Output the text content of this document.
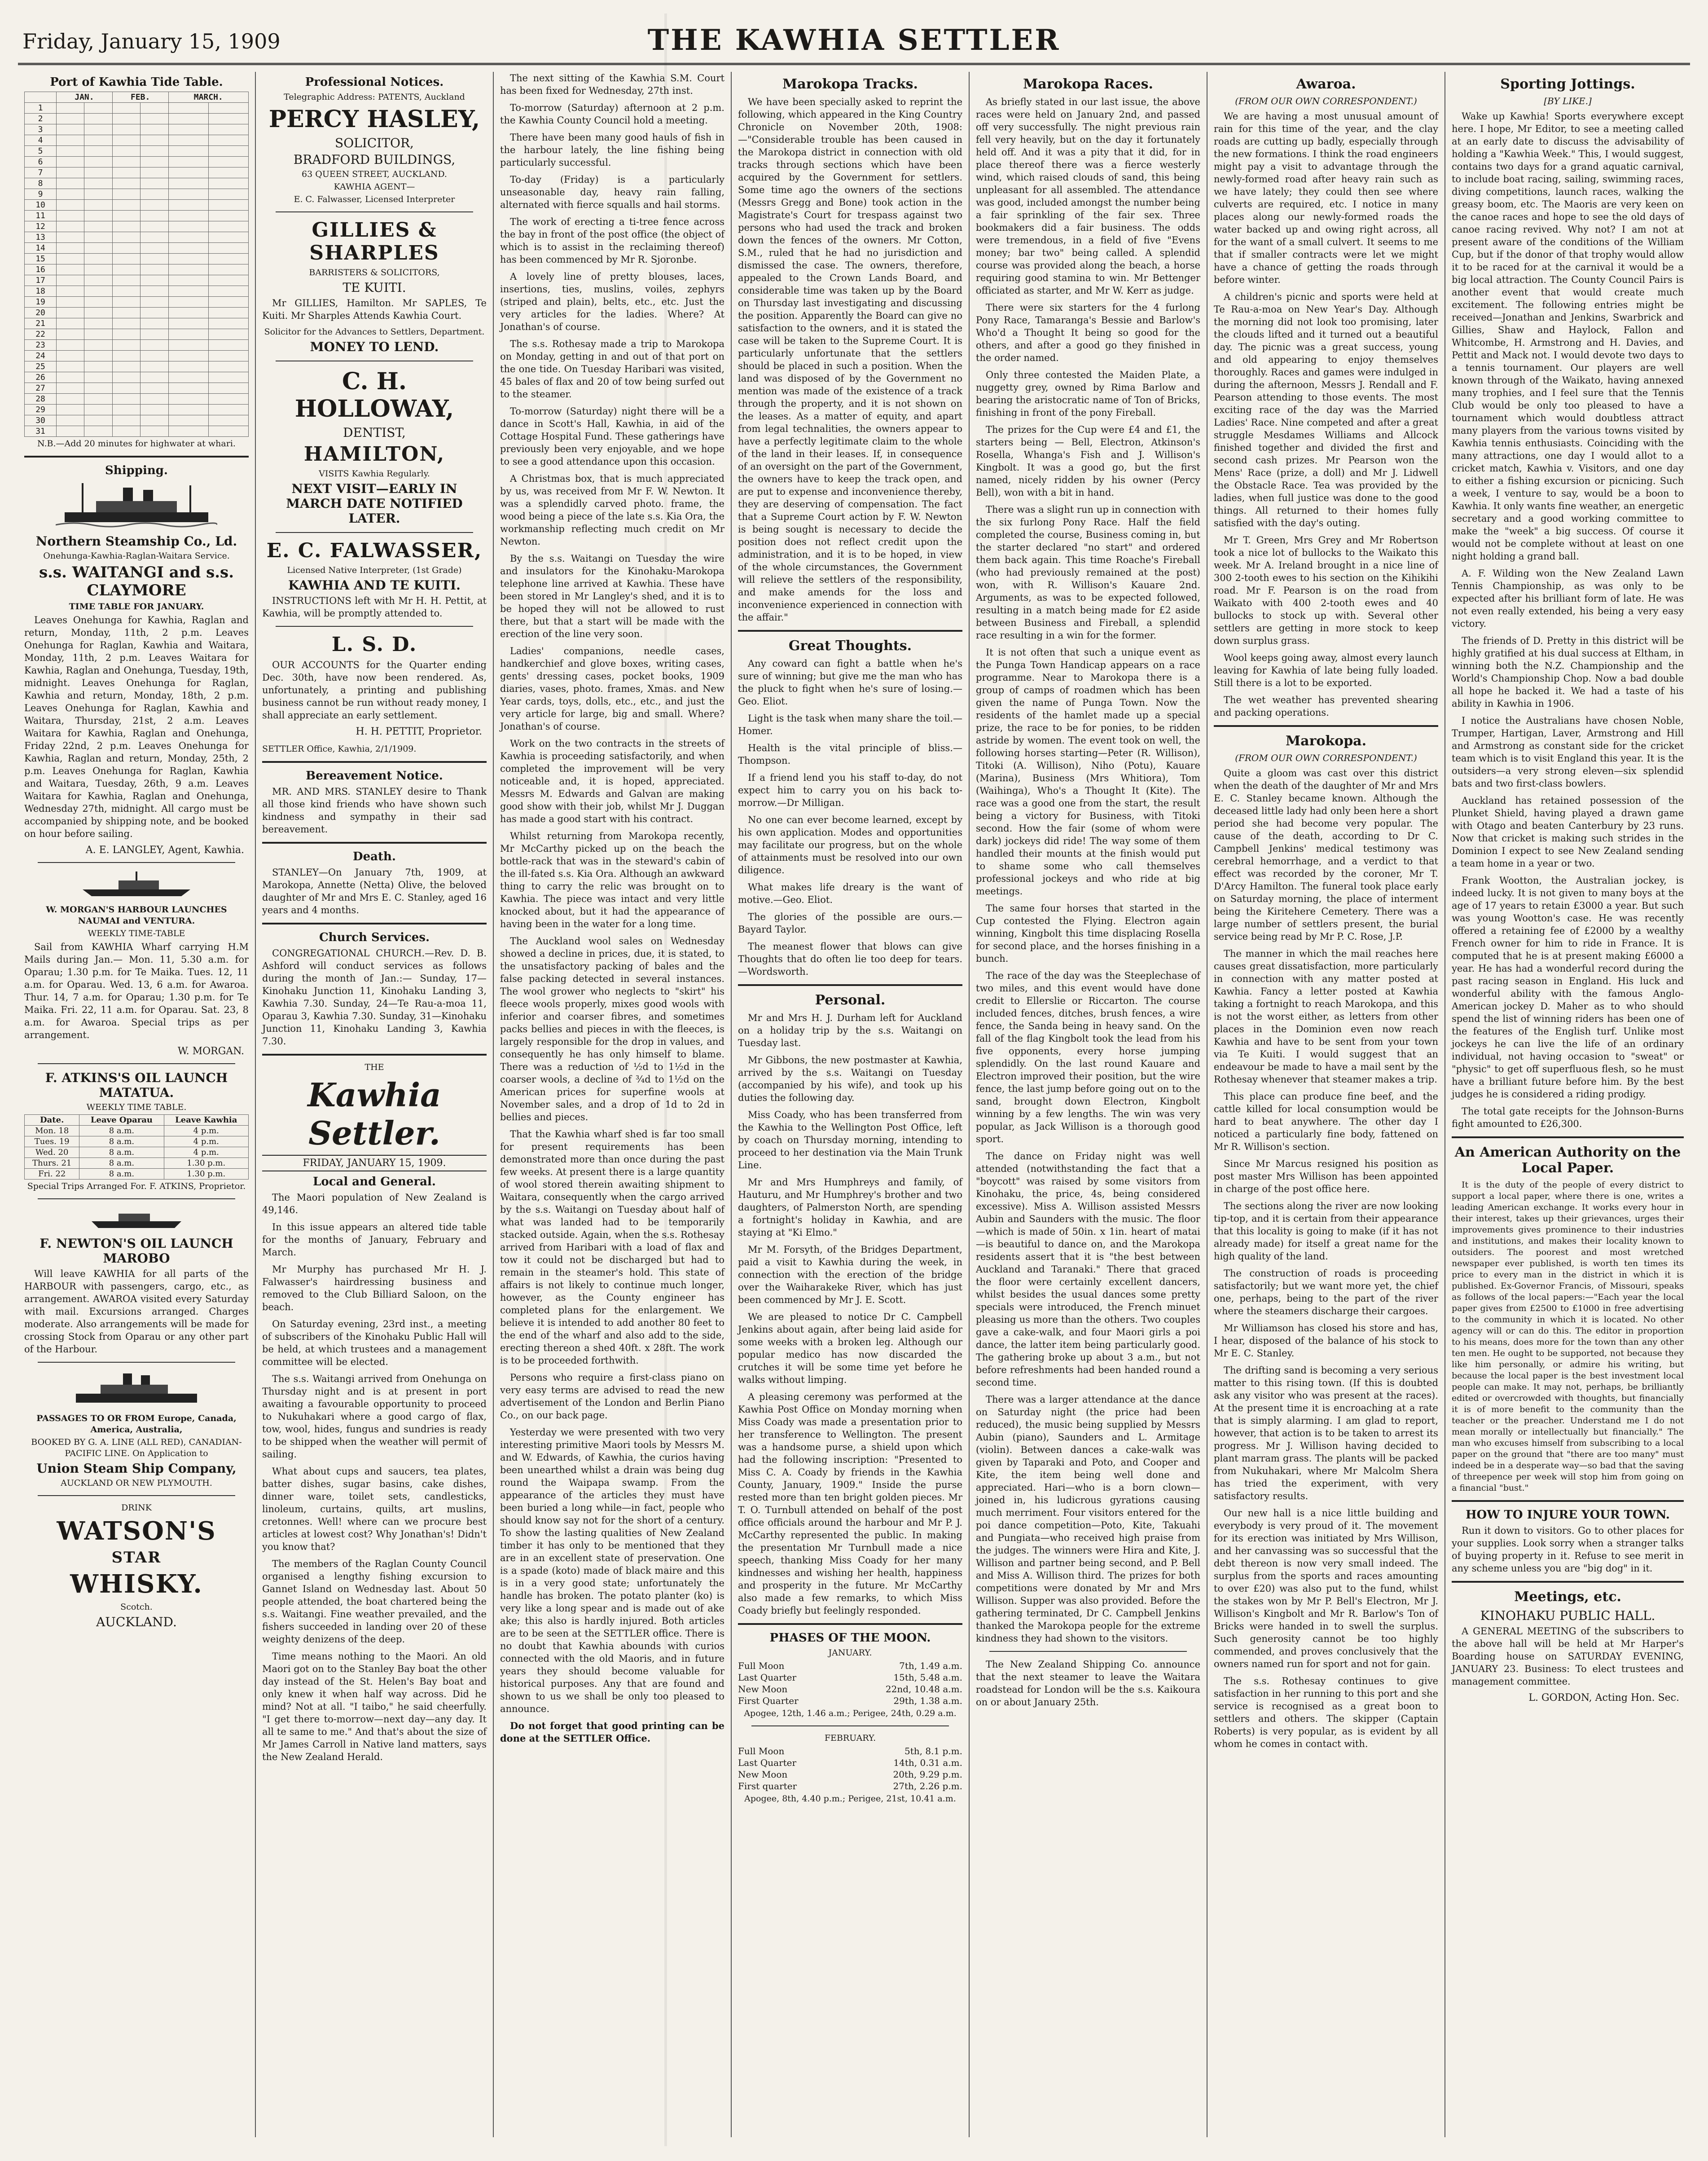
Friday, January 15, 1909	THE KAWHIA SETTLER
Port of Kawhia Tide Table.
	JAN.		FEB.		MARCH.	
1						
2						
3						
4						
5						
6						
7						
8						
9						
10						
11						
12						
13						
14						
15						
16						
17						
18						
19						
20						
21						
22						
23						
24						
25						
26						
27						
28						
29						
30						
31						
N.B.—Add 20 minutes for highwater at whari.
Shipping.
Northern Steamship Co., Ld.
Onehunga-Kawhia-Raglan-Waitara Service.
s.s. WAITANGI and s.s. CLAYMORE
TIME TABLE FOR JANUARY.

Leaves Onehunga for Kawhia, Raglan and return, Monday, 11th, 2 p.m. Leaves Onehunga for Raglan, Kawhia and Waitara, Monday, 11th, 2 p.m. Leaves Waitara for Kawhia, Raglan and Onehunga, Tuesday, 19th, midnight. Leaves Onehunga for Raglan, Kawhia and return, Monday, 18th, 2 p.m. Leaves Onehunga for Raglan, Kawhia and Waitara, Thursday, 21st, 2 a.m. Leaves Waitara for Kawhia, Raglan and Onehunga, Friday 22nd, 2 p.m. Leaves Onehunga for Kawhia, Raglan and return, Monday, 25th, 2 p.m. Leaves Onehunga for Raglan, Kawhia and Waitara, Tuesday, 26th, 9 a.m. Leaves Waitara for Kawhia, Raglan and Onehunga, Wednesday 27th, midnight. All cargo must be accompanied by shipping note, and be booked on hour before sailing.

A. E. LANGLEY, Agent, Kawhia.
W. MORGAN'S HARBOUR LAUNCHES NAUMAI and VENTURA.
WEEKLY TIME-TABLE

Sail from KAWHIA Wharf carrying H.M Mails during Jan.— Mon. 11, 5.30 a.m. for Oparau; 1.30 p.m. for Te Maika. Tues. 12, 11 a.m. for Oparau. Wed. 13, 6 a.m. for Awaroa. Thur. 14, 7 a.m. for Oparau; 1.30 p.m. for Te Maika. Fri. 22, 11 a.m. for Oparau. Sat. 23, 8 a.m. for Awaroa. Special trips as per arrangement.

W. MORGAN.
F. ATKINS'S OIL LAUNCH MATATUA.
WEEKLY TIME TABLE.
Date.	Leave Oparau	Leave Kawhia
Mon. 18	8 a.m.	4 p.m.
Tues. 19	8 a.m.	4 p.m.
Wed. 20	8 a.m.	4 p.m.
Thurs. 21	8 a.m.	1.30 p.m.
Fri. 22	8 a.m.	1.30 p.m.
Special Trips Arranged For. F. ATKINS, Proprietor.
F. NEWTON'S OIL LAUNCH MAROBO

Will leave KAWHIA for all parts of the HARBOUR with passengers, cargo, etc., as arrangement. AWAROA visited every Saturday with mail. Excursions arranged. Charges moderate. Also arrangements will be made for crossing Stock from Oparau or any other part of the Harbour.

PASSAGES TO OR FROM Europe, Canada, America, Australia,
BOOKED BY G. A. LINE (ALL RED), CANADIAN-PACIFIC LINE. On Application to
Union Steam Ship Company,
AUCKLAND OR NEW PLYMOUTH.
DRINK
WATSON'S
STAR
WHISKY.
Scotch.
AUCKLAND.
Professional Notices.
Telegraphic Address: PATENTS, Auckland
PERCY HASLEY,
SOLICITOR,
BRADFORD BUILDINGS,
63 QUEEN STREET, AUCKLAND.
KAWHIA AGENT—
E. C. Falwasser, Licensed Interpreter
GILLIES & SHARPLES
BARRISTERS & SOLICITORS,
TE KUITI.

Mr GILLIES, Hamilton. Mr SAPLES, Te Kuiti. Mr Sharples Attends Kawhia Court.

Solicitor for the Advances to Settlers, Department.
MONEY TO LEND.
C. H. HOLLOWAY,
DENTIST,
HAMILTON,
VISITS Kawhia Regularly.
NEXT VISIT—EARLY IN MARCH DATE NOTIFIED LATER.
E. C. FALWASSER,
Licensed Native Interpreter, (1st Grade)
KAWHIA AND TE KUITI.

INSTRUCTIONS left with Mr H. H. Pettit, at Kawhia, will be promptly attended to.

L. S. D.

OUR ACCOUNTS for the Quarter ending Dec. 30th, have now been rendered. As, unfortunately, a printing and publishing business cannot be run without ready money, I shall appreciate an early settlement.

H. H. PETTIT, Proprietor.
SETTLER Office, Kawhia, 2/1/1909.
Bereavement Notice.

MR. AND MRS. STANLEY desire to Thank all those kind friends who have shown such kindness and sympathy in their sad bereavement.

Death.

STANLEY—On January 7th, 1909, at Marokopa, Annette (Netta) Olive, the beloved daughter of Mr and Mrs E. C. Stanley, aged 16 years and 4 months.

Church Services.

CONGREGATIONAL CHURCH.—Rev. D. B. Ashford will conduct services as follows during the month of Jan.:— Sunday, 17—Kinohaku Junction 11, Kinohaku Landing 3, Kawhia 7.30. Sunday, 24—Te Rau-a-moa 11, Oparau 3, Kawhia 7.30. Sunday, 31—Kinohaku Junction 11, Kinohaku Landing 3, Kawhia 7.30.

THE
Kawhia Settler.
FRIDAY, JANUARY 15, 1909.
Local and General.

The Maori population of New Zealand is 49,146.

In this issue appears an altered tide table for the months of January, February and March.

Mr Murphy has purchased Mr H. J. Falwasser's hairdressing business and removed to the Club Billiard Saloon, on the beach.

On Saturday evening, 23rd inst., a meeting of subscribers of the Kinohaku Public Hall will be held, at which trustees and a management committee will be elected.

The s.s. Waitangi arrived from Onehunga on Thursday night and is at present in port awaiting a favourable opportunity to proceed to Nukuhakari where a good cargo of flax, tow, wool, hides, fungus and sundries is ready to be shipped when the weather will permit of sailing.

What about cups and saucers, tea plates, batter dishes, sugar basins, cake dishes, dinner ware, toilet sets, candlesticks, linoleum, curtains, quilts, art muslins, cretonnes. Well! where can we procure best articles at lowest cost? Why Jonathan's! Didn't you know that?

The members of the Raglan County Council organised a lengthy fishing excursion to Gannet Island on Wednesday last. About 50 people attended, the boat chartered being the s.s. Waitangi. Fine weather prevailed, and the fishers succeeded in landing over 20 of these weighty denizens of the deep.

Time means nothing to the Maori. An old Maori got on to the Stanley Bay boat the other day instead of the St. Helen's Bay boat and only knew it when half way across. Did he mind? Not at all. "I taibo," he said cheerfully. "I get there to-morrow—next day—any day. It all te same to me." And that's about the size of Mr James Carroll in Native land matters, says the New Zealand Herald.

The next sitting of the Kawhia S.M. Court has been fixed for Wednesday, 27th inst.

To-morrow (Saturday) afternoon at 2 p.m. the Kawhia County Council hold a meeting.

There have been many good hauls of fish in the harbour lately, the line fishing being particularly successful.

To-day (Friday) is a particularly unseasonable day, heavy rain falling, alternated with fierce squalls and hail storms.

The work of erecting a ti-tree fence across the bay in front of the post office (the object of which is to assist in the reclaiming thereof) has been commenced by Mr R. Sjoronbe.

A lovely line of pretty blouses, laces, insertions, ties, muslins, voiles, zephyrs (striped and plain), belts, etc., etc. Just the very articles for the ladies. Where? At Jonathan's of course.

The s.s. Rothesay made a trip to Marokopa on Monday, getting in and out of that port on the one tide. On Tuesday Haribari was visited, 45 bales of flax and 20 of tow being surfed out to the steamer.

To-morrow (Saturday) night there will be a dance in Scott's Hall, Kawhia, in aid of the Cottage Hospital Fund. These gatherings have previously been very enjoyable, and we hope to see a good attendance upon this occasion.

A Christmas box, that is much appreciated by us, was received from Mr F. W. Newton. It was a splendidly carved photo. frame, the wood being a piece of the late s.s. Kia Ora, the workmanship reflecting much credit on Mr Newton.

By the s.s. Waitangi on Tuesday the wire and insulators for the Kinohaku-Marokopa telephone line arrived at Kawhia. These have been stored in Mr Langley's shed, and it is to be hoped they will not be allowed to rust there, but that a start will be made with the erection of the line very soon.

Ladies' companions, needle cases, handkerchief and glove boxes, writing cases, gents' dressing cases, pocket books, 1909 diaries, vases, photo. frames, Xmas. and New Year cards, toys, dolls, etc., etc., and just the very article for large, big and small. Where? Jonathan's of course.

Work on the two contracts in the streets of Kawhia is proceeding satisfactorily, and when completed the improvement will be very noticeable and, it is hoped, appreciated. Messrs M. Edwards and Galvan are making good show with their job, whilst Mr J. Duggan has made a good start with his contract.

Whilst returning from Marokopa recently, Mr McCarthy picked up on the beach the bottle-rack that was in the steward's cabin of the ill-fated s.s. Kia Ora. Although an awkward thing to carry the relic was brought on to Kawhia. The piece was intact and very little knocked about, but it had the appearance of having been in the water for a long time.

The Auckland wool sales on Wednesday showed a decline in prices, due, it is stated, to the unsatisfactory packing of bales and the false packing detected in several instances. The wool grower who neglects to "skirt" his fleece wools properly, mixes good wools with inferior and coarser fibres, and sometimes packs bellies and pieces in with the fleeces, is largely responsible for the drop in values, and consequently he has only himself to blame. There was a reduction of ½d to 1½d in the coarser wools, a decline of ¾d to 1½d on the American prices for superfine wools at November sales, and a drop of 1d to 2d in bellies and pieces.

That the Kawhia wharf shed is far too small for present requirements has been demonstrated more than once during the past few weeks. At present there is a large quantity of wool stored therein awaiting shipment to Waitara, consequently when the cargo arrived by the s.s. Waitangi on Tuesday about half of what was landed had to be temporarily stacked outside. Again, when the s.s. Rothesay arrived from Haribari with a load of flax and tow it could not be discharged but had to remain in the steamer's hold. This state of affairs is not likely to continue much longer, however, as the County engineer has completed plans for the enlargement. We believe it is intended to add another 80 feet to the end of the wharf and also add to the side, erecting thereon a shed 40ft. x 28ft. The work is to be proceeded forthwith.

Persons who require a first-class piano on very easy terms are advised to read the new advertisement of the London and Berlin Piano Co., on our back page.

Yesterday we were presented with two very interesting primitive Maori tools by Messrs M. and W. Edwards, of Kawhia, the curios having been unearthed whilst a drain was being dug round the Waipapa swamp. From the appearance of the articles they must have been buried a long while—in fact, people who should know say not for the short of a century. To show the lasting qualities of New Zealand timber it has only to be mentioned that they are in an excellent state of preservation. One is a spade (koto) made of black maire and this is in a very good state; unfortunately the handle has broken. The potato planter (ko) is very like a long spear and is made out of ake ake; this also is hardly injured. Both articles are to be seen at the SETTLER office. There is no doubt that Kawhia abounds with curios connected with the old Maoris, and in future years they should become valuable for historical purposes. Any that are found and shown to us we shall be only too pleased to announce.

Do not forget that good printing can be done at the SETTLER Office.

Marokopa Tracks.

We have been specially asked to reprint the following, which appeared in the King Country Chronicle on November 20th, 1908:—"Considerable trouble has been caused in the Marokopa district in connection with old tracks through sections which have been acquired by the Government for settlers. Some time ago the owners of the sections (Messrs Gregg and Bone) took action in the Magistrate's Court for trespass against two persons who had used the track and broken down the fences of the owners. Mr Cotton, S.M., ruled that he had no jurisdiction and dismissed the case. The owners, therefore, appealed to the Crown Lands Board, and considerable time was taken up by the Board on Thursday last investigating and discussing the position. Apparently the Board can give no satisfaction to the owners, and it is stated the case will be taken to the Supreme Court. It is particularly unfortunate that the settlers should be placed in such a position. When the land was disposed of by the Government no mention was made of the existence of a track through the property, and it is not shown on the leases. As a matter of equity, and apart from legal technalities, the owners appear to have a perfectly legitimate claim to the whole of the land in their leases. If, in consequence of an oversight on the part of the Government, the owners have to keep the track open, and are put to expense and inconvenience thereby, they are deserving of compensation. The fact that a Supreme Court action by F. W. Newton is being sought is necessary to decide the position does not reflect credit upon the administration, and it is to be hoped, in view of the whole circumstances, the Government will relieve the settlers of the responsibility, and make amends for the loss and inconvenience experienced in connection with the affair."

Great Thoughts.

Any coward can fight a battle when he's sure of winning; but give me the man who has the pluck to fight when he's sure of losing.—Geo. Eliot.

Light is the task when many share the toil.—Homer.

Health is the vital principle of bliss.—Thompson.

If a friend lend you his staff to-day, do not expect him to carry you on his back to-morrow.—Dr Milligan.

No one can ever become learned, except by his own application. Modes and opportunities may facilitate our progress, but on the whole of attainments must be resolved into our own diligence.

What makes life dreary is the want of motive.—Geo. Eliot.

The glories of the possible are ours.—Bayard Taylor.

The meanest flower that blows can give Thoughts that do often lie too deep for tears.—Wordsworth.

Personal.

Mr and Mrs H. J. Durham left for Auckland on a holiday trip by the s.s. Waitangi on Tuesday last.

Mr Gibbons, the new postmaster at Kawhia, arrived by the s.s. Waitangi on Tuesday (accompanied by his wife), and took up his duties the following day.

Miss Coady, who has been transferred from the Kawhia to the Wellington Post Office, left by coach on Thursday morning, intending to proceed to her destination via the Main Trunk Line.

Mr and Mrs Humphreys and family, of Hauturu, and Mr Humphrey's brother and two daughters, of Palmerston North, are spending a fortnight's holiday in Kawhia, and are staying at "Ki Elmo."

Mr M. Forsyth, of the Bridges Department, paid a visit to Kawhia during the week, in connection with the erection of the bridge over the Waiharakeke River, which has just been commenced by Mr J. E. Scott.

We are pleased to notice Dr C. Campbell Jenkins about again, after being laid aside for some weeks with a broken leg. Although our popular medico has now discarded the crutches it will be some time yet before he walks without limping.

A pleasing ceremony was performed at the Kawhia Post Office on Monday morning when Miss Coady was made a presentation prior to her transference to Wellington. The present was a handsome purse, a shield upon which had the following inscription: "Presented to Miss C. A. Coady by friends in the Kawhia County, January, 1909." Inside the purse rested more than ten bright golden pieces. Mr T. O. Turnbull attended on behalf of the post office officials around the harbour and Mr P. J. McCarthy represented the public. In making the presentation Mr Turnbull made a nice speech, thanking Miss Coady for her many kindnesses and wishing her health, happiness and prosperity in the future. Mr McCarthy also made a few remarks, to which Miss Coady briefly but feelingly responded.

PHASES OF THE MOON.
JANUARY.
Full Moon	7th, 1.49 a.m.
Last Quarter	15th, 5.48 a.m.
New Moon	22nd, 10.48 a.m.
First Quarter	29th, 1.38 a.m.
Apogee, 12th, 1.46 a.m.; Perigee, 24th, 0.29 a.m.
FEBRUARY.
Full Moon	5th, 8.1 p.m.
Last Quarter	14th, 0.31 a.m.
New Moon	20th, 9.29 p.m.
First quarter	27th, 2.26 p.m.
Apogee, 8th, 4.40 p.m.; Perigee, 21st, 10.41 a.m.
Marokopa Races.

As briefly stated in our last issue, the above races were held on January 2nd, and passed off very successfully. The night previous rain fell very heavily, but on the day it fortunately held off. And it was a pity that it did, for in place thereof there was a fierce westerly wind, which raised clouds of sand, this being unpleasant for all assembled. The attendance was good, included amongst the number being a fair sprinkling of the fair sex. Three bookmakers did a fair business. The odds were tremendous, in a field of five "Evens money; bar two" being called. A splendid course was provided along the beach, a horse requiring good stamina to win. Mr Bettenger officiated as starter, and Mr W. Kerr as judge.

There were six starters for the 4 furlong Pony Race, Tamaranga's Bessie and Barlow's Who'd a Thought It being so good for the others, and after a good go they finished in the order named.

Only three contested the Maiden Plate, a nuggetty grey, owned by Rima Barlow and bearing the aristocratic name of Ton of Bricks, finishing in front of the pony Fireball.

The prizes for the Cup were £4 and £1, the starters being — Bell, Electron, Atkinson's Rosella, Whanga's Fish and J. Willison's Kingbolt. It was a good go, but the first named, nicely ridden by his owner (Percy Bell), won with a bit in hand.

There was a slight run up in connection with the six furlong Pony Race. Half the field completed the course, Business coming in, but the starter declared "no start" and ordered them back again. This time Roache's Fireball (who had previously remained at the post) won, with R. Willison's Kauare 2nd. Arguments, as was to be expected followed, resulting in a match being made for £2 aside between Business and Fireball, a splendid race resulting in a win for the former.

It is not often that such a unique event as the Punga Town Handicap appears on a race programme. Near to Marokopa there is a group of camps of roadmen which has been given the name of Punga Town. Now the residents of the hamlet made up a special prize, the race to be for ponies, to be ridden astride by women. The event took on well, the following horses starting—Peter (R. Willison), Titoki (A. Willison), Niho (Potu), Kauare (Marina), Business (Mrs Whitiora), Tom (Waihinga), Who's a Thought It (Kite). The race was a good one from the start, the result being a victory for Business, with Titoki second. How the fair (some of whom were dark) jockeys did ride! The way some of them handled their mounts at the finish would put to shame some who call themselves professional jockeys and who ride at big meetings.

The same four horses that started in the Cup contested the Flying. Electron again winning, Kingbolt this time displacing Rosella for second place, and the horses finishing in a bunch.

The race of the day was the Steeplechase of two miles, and this event would have done credit to Ellerslie or Riccarton. The course included fences, ditches, brush fences, a wire fence, the Sanda being in heavy sand. On the fall of the flag Kingbolt took the lead from his five opponents, every horse jumping splendidly. On the last round Kauare and Electron improved their position, but the wire fence, the last jump before going out on to the sand, brought down Electron, Kingbolt winning by a few lengths. The win was very popular, as Jack Willison is a thorough good sport.

The dance on Friday night was well attended (notwithstanding the fact that a "boycott" was raised by some visitors from Kinohaku, the price, 4s, being considered excessive). Miss A. Willison assisted Messrs Aubin and Saunders with the music. The floor—which is made of 50in. x 1in. heart of matai—is beautiful to dance on, and the Marokopa residents assert that it is "the best between Auckland and Taranaki." There that graced the floor were certainly excellent dancers, whilst besides the usual dances some pretty specials were introduced, the French minuet pleasing us more than the others. Two couples gave a cake-walk, and four Maori girls a poi dance, the latter item being particularly good. The gathering broke up about 3 a.m., but not before refreshments had been handed round a second time.

There was a larger attendance at the dance on Saturday night (the price had been reduced), the music being supplied by Messrs Aubin (piano), Saunders and L. Armitage (violin). Between dances a cake-walk was given by Taparaki and Poto, and Cooper and Kite, the item being well done and appreciated. Hari—who is a born clown—joined in, his ludicrous gyrations causing much merriment. Four visitors entered for the poi dance competition—Poto, Kite, Takuahi and Pungiata—who received high praise from the judges. The winners were Hira and Kite, J. Willison and partner being second, and P. Bell and Miss A. Willison third. The prizes for both competitions were donated by Mr and Mrs Willison. Supper was also provided. Before the gathering terminated, Dr C. Campbell Jenkins thanked the Marokopa people for the extreme kindness they had shown to the visitors.

The New Zealand Shipping Co. announce that the next steamer to leave the Waitara roadstead for London will be the s.s. Kaikoura on or about January 25th.

Awaroa.
(FROM OUR OWN CORRESPONDENT.)

We are having a most unusual amount of rain for this time of the year, and the clay roads are cutting up badly, especially through the new formations. I think the road engineers might pay a visit to advantage through the newly-formed road after heavy rain such as we have lately; they could then see where culverts are required, etc. I notice in many places along our newly-formed roads the water backed up and owing right across, all for the want of a small culvert. It seems to me that if smaller contracts were let we might have a chance of getting the roads through before winter.

A children's picnic and sports were held at Te Rau-a-moa on New Year's Day. Although the morning did not look too promising, later the clouds lifted and it turned out a beautiful day. The picnic was a great success, young and old appearing to enjoy themselves thoroughly. Races and games were indulged in during the afternoon, Messrs J. Rendall and F. Pearson attending to those events. The most exciting race of the day was the Married Ladies' Race. Nine competed and after a great struggle Mesdames Williams and Allcock finished together and divided the first and second cash prizes. Mr Pearson won the Mens' Race (prize, a doll) and Mr J. Lidwell the Obstacle Race. Tea was provided by the ladies, when full justice was done to the good things. All returned to their homes fully satisfied with the day's outing.

Mr T. Green, Mrs Grey and Mr Robertson took a nice lot of bullocks to the Waikato this week. Mr A. Ireland brought in a nice line of 300 2-tooth ewes to his section on the Kihikihi road. Mr F. Pearson is on the road from Waikato with 400 2-tooth ewes and 40 bullocks to stock up with. Several other settlers are getting in more stock to keep down surplus grass.

Wool keeps going away, almost every launch leaving for Kawhia of late being fully loaded. Still there is a lot to be exported.

The wet weather has prevented shearing and packing operations.

Marokopa.
(FROM OUR OWN CORRESPONDENT.)

Quite a gloom was cast over this district when the death of the daughter of Mr and Mrs E. C. Stanley became known. Although the deceased little lady had only been here a short period she had become very popular. The cause of the death, according to Dr C. Campbell Jenkins' medical testimony was cerebral hemorrhage, and a verdict to that effect was recorded by the coroner, Mr T. D'Arcy Hamilton. The funeral took place early on Saturday morning, the place of interment being the Kiritehere Cemetery. There was a large number of settlers present, the burial service being read by Mr P. C. Rose, J.P.

The manner in which the mail reaches here causes great dissatisfaction, more particularly in connection with any matter posted at Kawhia. Fancy a letter posted at Kawhia taking a fortnight to reach Marokopa, and this is not the worst either, as letters from other places in the Dominion even now reach Kawhia and have to be sent from your town via Te Kuiti. I would suggest that an endeavour be made to have a mail sent by the Rothesay whenever that steamer makes a trip.

This place can produce fine beef, and the cattle killed for local consumption would be hard to beat anywhere. The other day I noticed a particularly fine body, fattened on Mr R. Willison's section.

Since Mr Marcus resigned his position as post master Mrs Willison has been appointed in charge of the post office here.

The sections along the river are now looking tip-top, and it is certain from their appearance that this locality is going to make (if it has not already made) for itself a great name for the high quality of the land.

The construction of roads is proceeding satisfactorily; but we want more yet, the chief one, perhaps, being to the part of the river where the steamers discharge their cargoes.

Mr Williamson has closed his store and has, I hear, disposed of the balance of his stock to Mr E. C. Stanley.

The drifting sand is becoming a very serious matter to this rising town. (If this is doubted ask any visitor who was present at the races). At the present time it is encroaching at a rate that is simply alarming. I am glad to report, however, that action is to be taken to arrest its progress. Mr J. Willison having decided to plant marram grass. The plants will be packed from Nukuhakari, where Mr Malcolm Shera has tried the experiment, with very satisfactory results.

Our new hall is a nice little building and everybody is very proud of it. The movement for its erection was initiated by Mrs Willison, and her canvassing was so successful that the debt thereon is now very small indeed. The surplus from the sports and races amounting to over £20) was also put to the fund, whilst the stakes won by Mr P. Bell's Electron, Mr J. Willison's Kingbolt and Mr R. Barlow's Ton of Bricks were handed in to swell the surplus. Such generosity cannot be too highly commended, and proves conclusively that the owners named run for sport and not for gain.

The s.s. Rothesay continues to give satisfaction in her running to this port and she service is recognised as a great boon to settlers and others. The skipper (Captain Roberts) is very popular, as is evident by all whom he comes in contact with.

Sporting Jottings.
[BY LIKE.]

Wake up Kawhia! Sports everywhere except here. I hope, Mr Editor, to see a meeting called at an early date to discuss the advisability of holding a "Kawhia Week." This, I would suggest, contains two days for a grand aquatic carnival, to include boat racing, sailing, swimming races, diving competitions, launch races, walking the greasy boom, etc. The Maoris are very keen on the canoe races and hope to see the old days of canoe racing revived. Why not? I am not at present aware of the conditions of the William Cup, but if the donor of that trophy would allow it to be raced for at the carnival it would be a big local attraction. The County Council Pairs is another event that would create much excitement. The following entries might be received—Jonathan and Jenkins, Swarbrick and Gillies, Shaw and Haylock, Fallon and Whitcombe, H. Armstrong and H. Davies, and Pettit and Mack not. I would devote two days to a tennis tournament. Our players are well known through of the Waikato, having annexed many trophies, and I feel sure that the Tennis Club would be only too pleased to have a tournament which would doubtless attract many players from the various towns visited by Kawhia tennis enthusiasts. Coinciding with the many attractions, one day I would allot to a cricket match, Kawhia v. Visitors, and one day to either a fishing excursion or picnicing. Such a week, I venture to say, would be a boon to Kawhia. It only wants fine weather, an energetic secretary and a good working committee to make the "week" a big success. Of course it would not be complete without at least on one night holding a grand ball.

A. F. Wilding won the New Zealand Lawn Tennis Championship, as was only to be expected after his brilliant form of late. He was not even really extended, his being a very easy victory.

The friends of D. Pretty in this district will be highly gratified at his dual success at Eltham, in winning both the N.Z. Championship and the World's Championship Chop. Now a bad double all hope he backed it. We had a taste of his ability in Kawhia in 1906.

I notice the Australians have chosen Noble, Trumper, Hartigan, Laver, Armstrong and Hill and Armstrong as constant side for the cricket team which is to visit England this year. It is the outsiders—a very strong eleven—six splendid bats and two first-class bowlers.

Auckland has retained possession of the Plunket Shield, having played a drawn game with Otago and beaten Canterbury by 23 runs. Now that cricket is making such strides in the Dominion I expect to see New Zealand sending a team home in a year or two.

Frank Wootton, the Australian jockey, is indeed lucky. It is not given to many boys at the age of 17 years to retain £3000 a year. But such was young Wootton's case. He was recently offered a retaining fee of £2000 by a wealthy French owner for him to ride in France. It is computed that he is at present making £6000 a year. He has had a wonderful record during the past racing season in England. His luck and wonderful ability with the famous Anglo-American jockey D. Maher as to who should spend the list of winning riders has been one of the features of the English turf. Unlike most jockeys he can live the life of an ordinary individual, not having occasion to "sweat" or "physic" to get off superfluous flesh, so he must have a brilliant future before him. By the best judges he is considered a riding prodigy.

The total gate receipts for the Johnson-Burns fight amounted to £26,300.

An American Authority on the Local Paper.

It is the duty of the people of every district to support a local paper, where there is one, writes a leading American exchange. It works every hour in their interest, takes up their grievances, urges their improvements gives prominence to their industries and institutions, and makes their locality known to outsiders. The poorest and most wretched newspaper ever published, is worth ten times its price to every man in the district in which it is published. Ex-Governor Francis, of Missouri, speaks as follows of the local papers:—"Each year the local paper gives from £2500 to £1000 in free advertising to the community in which it is located. No other agency will or can do this. The editor in proportion to his means, does more for the town than any other ten men. He ought to be supported, not because they like him personally, or admire his writing, but because the local paper is the best investment local people can make. It may not, perhaps, be brilliantly edited or overcrowded with thoughts, but financially it is of more benefit to the community than the teacher or the preacher. Understand me I do not mean morally or intellectually but financially." The man who excuses himself from subscribing to a local paper on the ground that "there are too many" must indeed be in a desperate way—so bad that the saving of threepence per week will stop him from going on a financial "bust."

HOW TO INJURE YOUR TOWN.

Run it down to visitors. Go to other places for your supplies. Look sorry when a stranger talks of buying property in it. Refuse to see merit in any scheme unless you are "big dog" in it.

Meetings, etc.
KINOHAKU PUBLIC HALL.

A GENERAL MEETING of the subscribers to the above hall will be held at Mr Harper's Boarding house on SATURDAY EVENING, JANUARY 23. Business: To elect trustees and management committee.

L. GORDON, Acting Hon. Sec.
